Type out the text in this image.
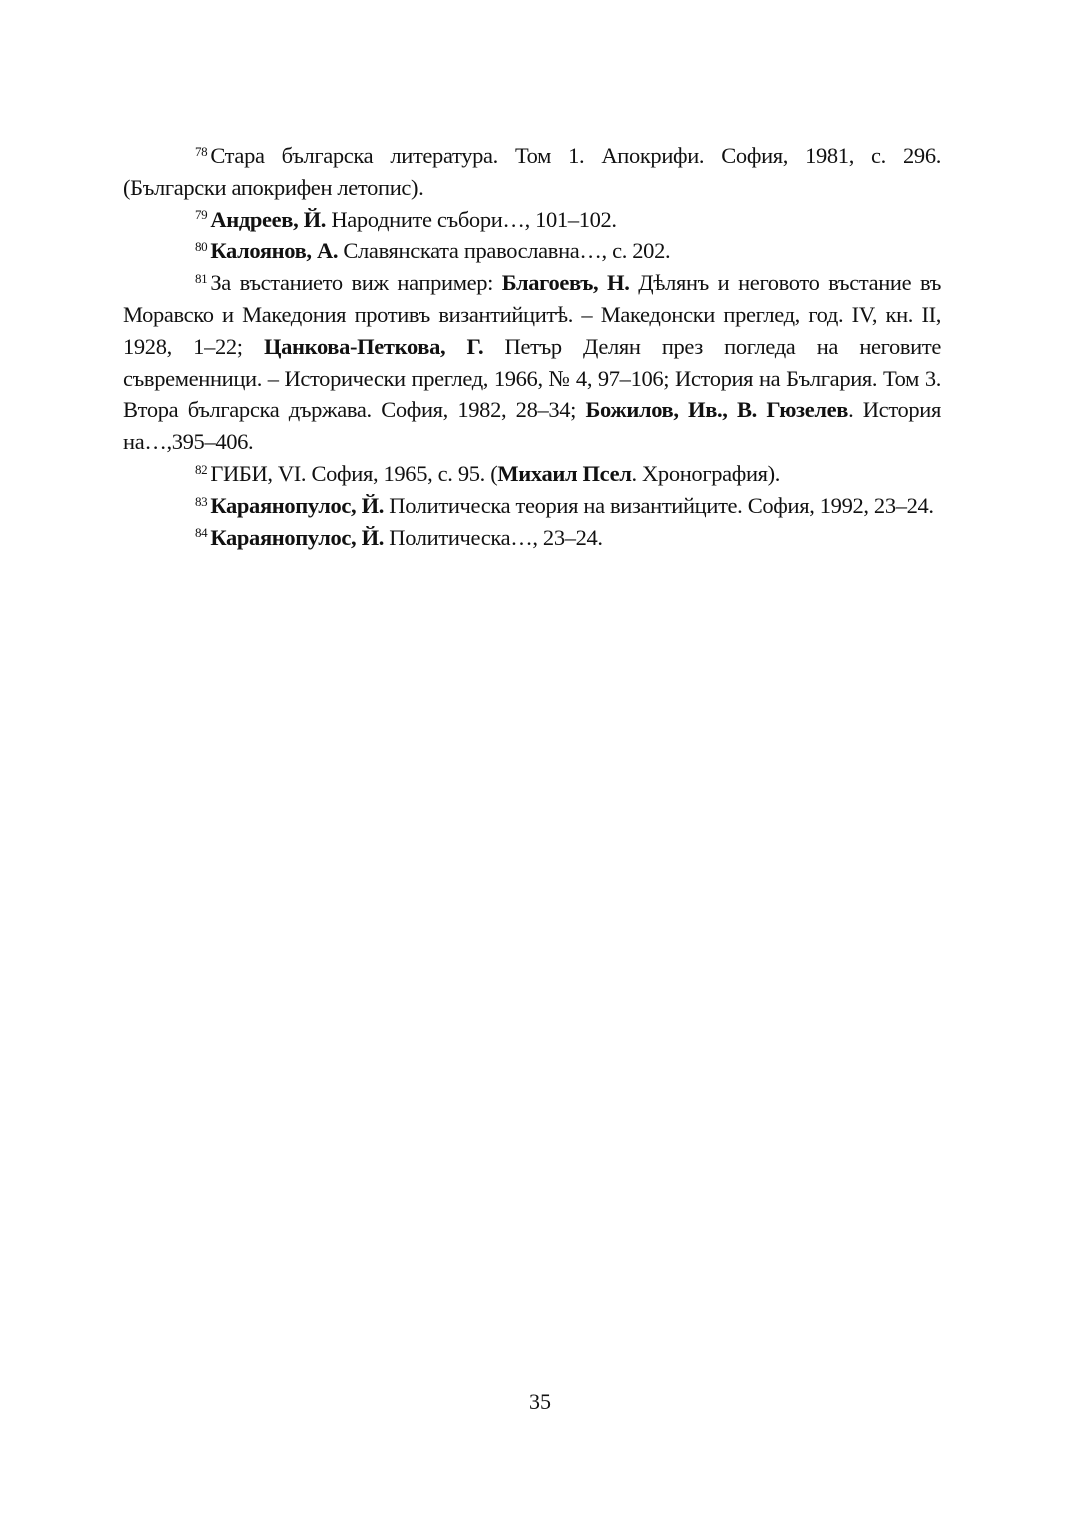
$^{78}$ Стара българска литература. Том 1. Апокрифи. София, 1981, с. 296. (Български апокрифен летопис).

$^{79}$ Андреев, Й. Народните събори…, 101–102.

$^{80}$ Калоянов, А. Славянската православна…, с. 202.

$^{81}$ За въстанието виж например: Благоевъ, Н. Дѣлянъ и неговото въстание въ Моравско и Македония противъ византийцитѣ. – Македонски преглед, год. IV, кн. II, 1928, 1–22; Цанкова-Петкова, Г. Петър Делян през погледа на неговите съвременници. – Исторически преглед, 1966, № 4, 97–106; История на България. Том 3. Втора българска държава. София, 1982, 28–34; Божилов, Ив., В. Гюзелев. История на…,395–406.

$^{82}$ ГИБИ, VI. София, 1965, с. 95. (Михаил Псел. Хронография).

$^{83}$ Караянопулос, Й. Политическа теория на византийците. София, 1992, 23–24.

$^{84}$ Караянопулос, Й. Политическа…, 23–24.

35
